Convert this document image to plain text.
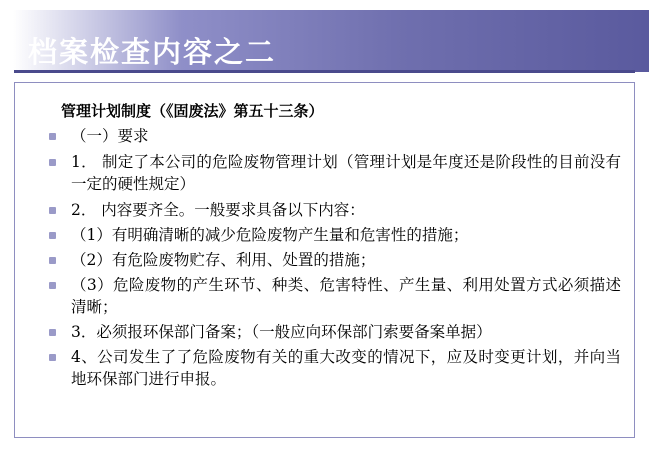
档案检查内容之二
管理计划制度（《固废法》第五十三条）
（一）要求
1． 制定了本公司的危险废物管理计划（管理计划是年度还是阶段性的目前没有一定的硬性规定）
2． 内容要齐全。一般要求具备以下内容：
（1）有明确清晰的减少危险废物产生量和危害性的措施；
（2）有危险废物贮存、利用、处置的措施；
（3）危险废物的产生环节、种类、危害特性、产生量、利用处置方式必须描述清晰；
3．必须报环保部门备案；（一般应向环保部门索要备案单据）
4、公司发生了了危险废物有关的重大改变的情况下，应及时变更计划，并向当地环保部门进行申报。
